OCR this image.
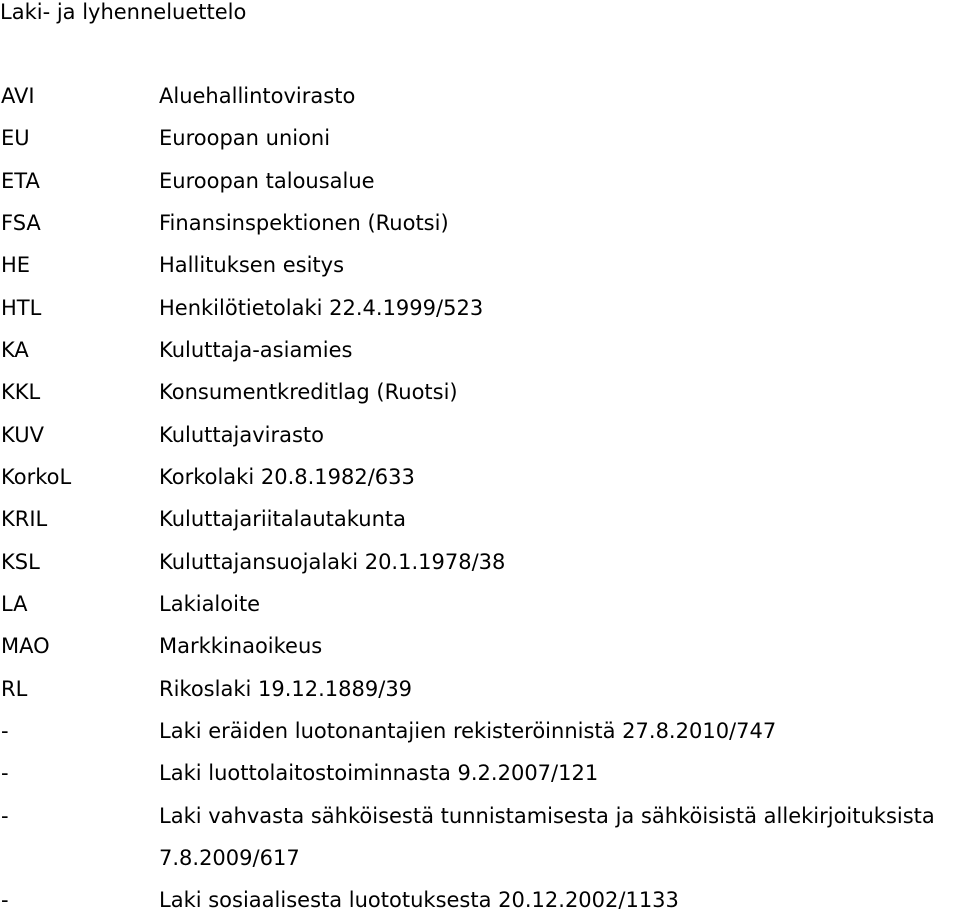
Laki- ja lyhenneluettelo
AVI	Aluehallintovirasto
EU	Euroopan unioni
ETA	Euroopan talousalue
FSA	Finansinspektionen (Ruotsi)
HE	Hallituksen esitys
HTL	Henkilötietolaki 22.4.1999/523
KA	Kuluttaja-asiamies
KKL	Konsumentkreditlag (Ruotsi)
KUV	Kuluttajavirasto
KorkoL	Korkolaki 20.8.1982/633
KRIL	Kuluttajariitalautakunta
KSL	Kuluttajansuojalaki 20.1.1978/38
LA	Lakialoite
MAO	Markkinaoikeus
RL	Rikoslaki 19.12.1889/39
-	Laki eräiden luotonantajien rekisteröinnistä 27.8.2010/747
-	Laki luottolaitostoiminnasta 9.2.2007/121
-	Laki vahvasta sähköisestä tunnistamisesta ja sähköisistä allekirjoituksista
7.8.2009/617
-	Laki sosiaalisesta luototuksesta 20.12.2002/1133
